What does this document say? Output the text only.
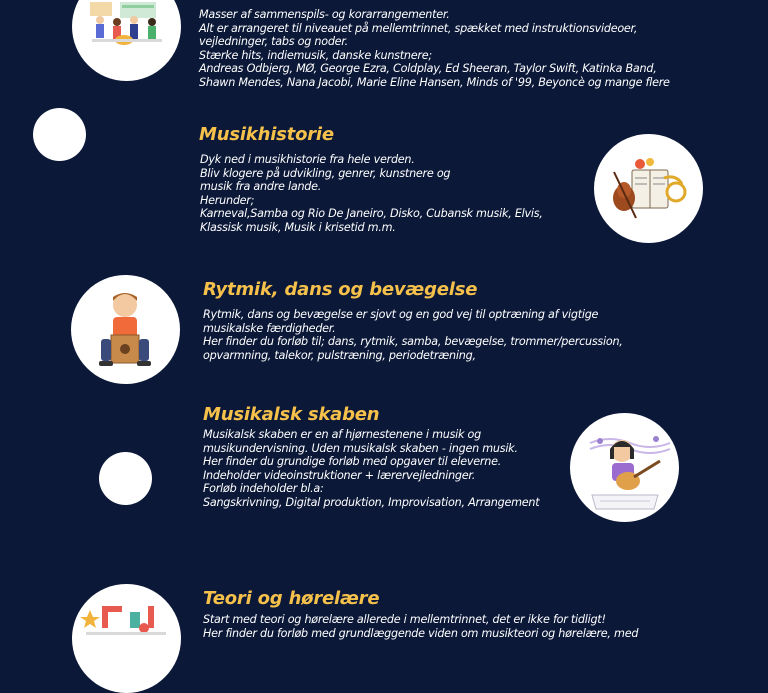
Masser af sammenspils- og korarrangementer.
Alt er arrangeret til niveauet på mellemtrinnet, spækket med instruktionsvideoer,
vejledninger, tabs og noder.
Stærke hits, indiemusik, danske kunstnere;
Andreas Odbjerg, MØ, George Ezra, Coldplay, Ed Sheeran, Taylor Swift, Katinka Band,
Shawn Mendes, Nana Jacobi, Marie Eline Hansen, Minds of '99, Beyoncè og mange flere

Musikhistorie

Dyk ned i musikhistorie fra hele verden.
Bliv klogere på udvikling, genrer, kunstnere og
musik fra andre lande.
Herunder;
Karneval,Samba og Rio De Janeiro, Disko, Cubansk musik, Elvis,
Klassisk musik, Musik i krisetid m.m.

Rytmik, dans og bevægelse

Rytmik, dans og bevægelse er sjovt og en god vej til optræning af vigtige
musikalske færdigheder.
Her finder du forløb til; dans, rytmik, samba, bevægelse, trommer/percussion,
opvarmning, talekor, pulstræning, periodetræning,

Musikalsk skaben

Musikalsk skaben er en af hjørnestenene i musik og
musikundervisning. Uden musikalsk skaben - ingen musik.
Her finder du grundige forløb med opgaver til eleverne.
Indeholder videoinstruktioner + lærervejledninger.
Forløb indeholder bl.a:
Sangskrivning, Digital produktion, Improvisation, Arrangement

Teori og hørelære

Start med teori og hørelære allerede i mellemtrinnet, det er ikke for tidligt!
Her finder du forløb med grundlæggende viden om musikteori og hørelære, med
